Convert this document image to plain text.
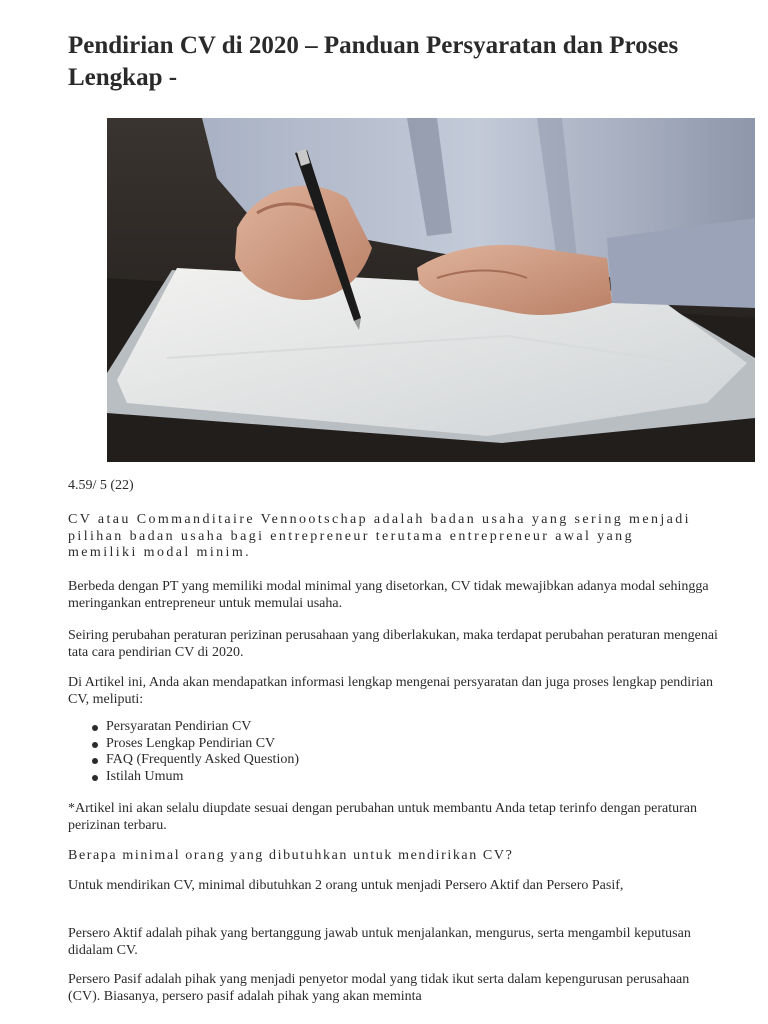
Pendirian CV di 2020 – Panduan Persyaratan dan Proses Lengkap -

4.59/ 5 (22)

CV atau Commanditaire Vennootschap adalah badan usaha yang sering menjadi pilihan badan usaha bagi entrepreneur terutama entrepreneur awal yang memiliki modal minim.

Berbeda dengan PT yang memiliki modal minimal yang disetorkan, CV tidak mewajibkan adanya modal sehingga meringankan entrepreneur untuk memulai usaha.

Seiring perubahan peraturan perizinan perusahaan yang diberlakukan, maka terdapat perubahan peraturan mengenai tata cara pendirian CV di 2020.

Di Artikel ini, Anda akan mendapatkan informasi lengkap mengenai persyaratan dan juga proses lengkap pendirian CV, meliputi:

Persyaratan Pendirian CV
Proses Lengkap Pendirian CV
FAQ (Frequently Asked Question)
Istilah Umum

*Artikel ini akan selalu diupdate sesuai dengan perubahan untuk membantu Anda tetap terinfo dengan peraturan perizinan terbaru.

Berapa minimal orang yang dibutuhkan untuk mendirikan CV?

Untuk mendirikan CV, minimal dibutuhkan 2 orang untuk menjadi Persero Aktif dan Persero Pasif,

Persero Aktif adalah pihak yang bertanggung jawab untuk menjalankan, mengurus, serta mengambil keputusan didalam CV.

Persero Pasif adalah pihak yang menjadi penyetor modal yang tidak ikut serta dalam kepengurusan perusahaan (CV). Biasanya, persero pasif adalah pihak yang akan meminta
